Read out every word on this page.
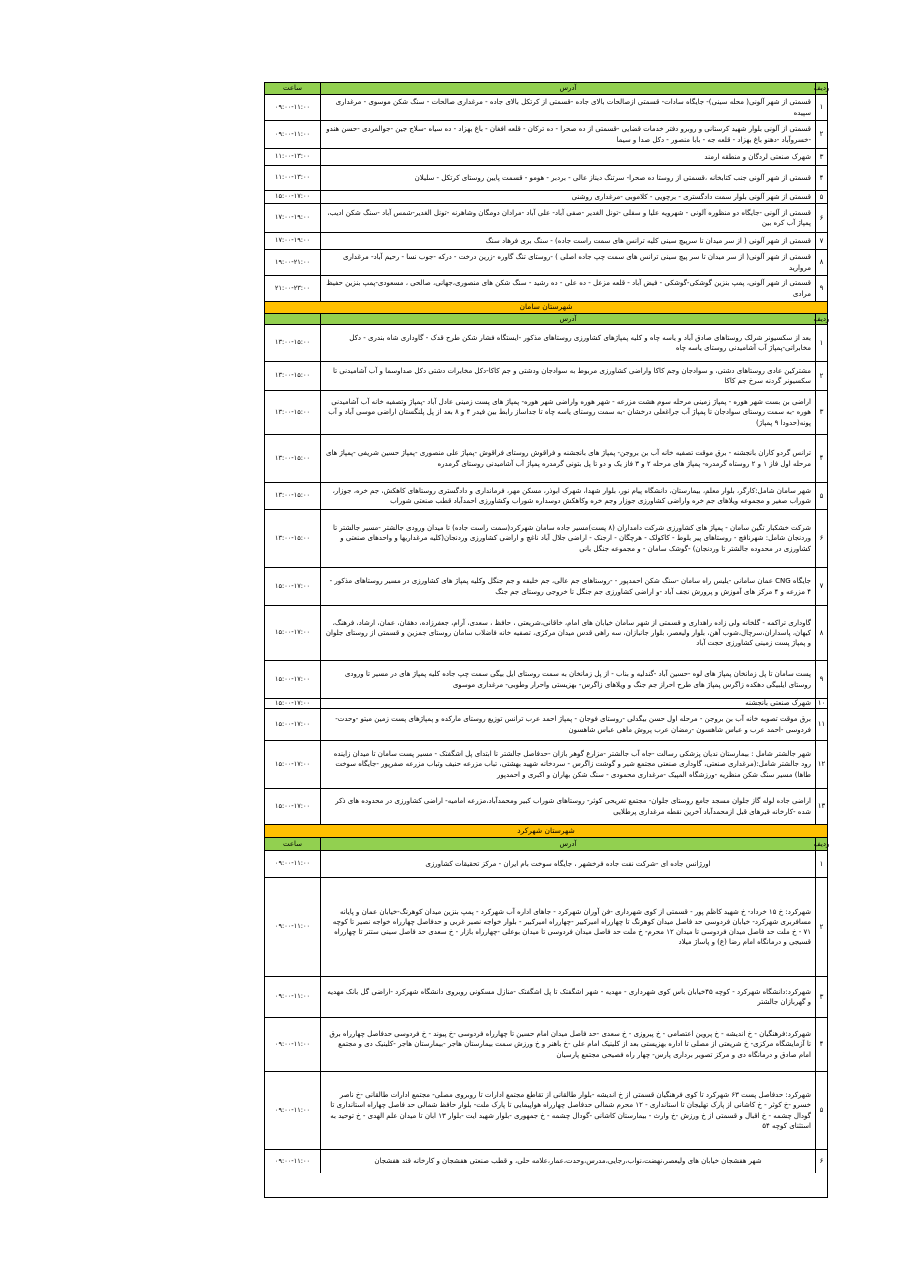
ردیف
آدرس
ساعت
۱
قسمتی از شهر آلونی( محله سینی)- جایگاه سادات- قسمتی ازصالحات بالای جاده -قسمتی از کرتکل بالای جاده - مرغداری صالحات - سنگ شکن موسوی - مرغداری سپیده
۰۹:۰۰-۱۱:۰۰
۲
قسمتی از آلونی بلوار شهید کرستانی و روبرو دفتر خدمات قضایی -قسمتی از ده صحرا - ده ترکان - قلعه افغان - باغ بهزاد - ده سیاه -سلاج جین -جوالمردی -حسن هندو -خسروآباد -دهنو باغ بهزاد - قلعه جه - بابا منصور - دکل صدا و سیما
۰۹:۰۰-۱۱:۰۰
۳
شهرک صنعتی لردگان و منطقه ارمند
۱۱:۰۰-۱۳:۰۰
۴
قسمتی از شهر آلونی جنب کتابخانه ،قسمتی از روستا ده صحرا- سرتنگ دیناز عالی - بردبر - هومو - قسمت پایین روستای کرتکل - سلیلان
۱۱:۰۰-۱۳:۰۰
۵
قسمتی از شهر آلونی بلوار سمت دادگستری - برچویی - کلاموبی -مرغداری روشنی
۱۵:۰۰-۱۷:۰۰
۶
قسمتی از آلونی -جایگاه دو منظوره آلونی - شهرویه علیا و سفلی -تونل الغدیر -صفی آباد- علی آباد -مرادان دومگان وشاهرنه -تونل الغدیر-شمس آباد -سنگ شکن ادیب، پمپاژ آب کره بین
۱۷:۰۰-۱۹:۰۰
۷
قسمتی از شهر آلونی ( از سر میدان تا سرپیچ سینی کلیه ترانس های سمت راست جاده) - سنگ بری فرهاد سنگ
۱۷:۰۰-۱۹:۰۰
۸
قسمتی از شهر آلونی( از سر میدان تا سر پیچ سینی ترانس های سمت چپ جاده اصلی ) -روستای تنگ گاوره -زرین درخت - درکه -جوب نسا - رحیم آباد- مرغداری مروارید
۱۹:۰۰-۲۱:۰۰
۹
قسمتی از شهر آلونی، پمپ بنزین گوشکی-گوشکی - فیض آباد - قلعه مزعل - ده علی - ده رشید - سنگ شکن های منصوری،جهانی، صالحی ، مسعودی-پمپ بنزین حفیظ مرادی
۲۱:۰۰-۲۳:۰۰
شهرستان سامان
ردیف
آدرس
۱
بعد از سکسیونر شرلک روستاهای صادق آباد و یاسه چاه و کلیه پمپاژهای کشاورزی روستاهای مذکور -ایستگاه فشار شکن طرح قدک - گاوداری شاه بندری - دکل مخابراتی-پمپاژ آب آشامیدنی روستای یاسه چاه
۱۳:۰۰-۱۵:۰۰
۲
مشترکین عادی روستاهای دشتی، و سوادجان وجم کاکا واراضی کشاورزی مربوط به سوادجان ودشتی و جم کاکا-دکل مخابرات دشتی دکل صداوسما و آب آشامیدنی تا سکسیونر گردنه سرخ جم کاکا
۱۳:۰۰-۱۵:۰۰
۳
اراضی بن بست شهر هوره - پمپاژ زمینی مرحله سوم هشت مزرعه - شهر هوره واراضی شهر هوره- پمپاژ های پست زمینی عادل آباد -پمپاژ وتصفیه خانه آب آشامیدنی هوره -به سمت روستای سوادجان تا پمپاژ آب جراغعلی درخشان -به سمت روستای یاسه چاه تا جداساز رابط بین فیدر ۴ و ۸ بعد از پل پلنگستان اراضی موسی آباد و آب پونه(حدودا ۹ پمپاژ)
۱۳:۰۰-۱۵:۰۰
۴
ترانس گردو کاران بانجشنه - برق موقت تصفیه خانه آب بن بروجن- پمپاژ های بانجشنه و فراقوش روستای فراقوش -پمپاژ علی منصوری -پمپاژ حسین شریفی -پمپاژ های مرحله اول فاز ۱ و ۲ روستاه گرمدره- پمپاژ های مرحله ۲ و ۳ فاز یک و دو تا پل بتونی گرمدره پمپاژ آب آشامیدنی روستای گرمدره
۱۳:۰۰-۱۵:۰۰
۵
شهر سامان شامل:کارگر، بلوار معلم، بیمارستان، دانشگاه پیام نور، بلوار شهدا، شهرک ابوذر، مسکن مهر، فرمانداری و دادگستری روستاهای کاهکش، جم خره، جوزار، شوراب صغیر و مجموعه ویلاهای جم خره واراضی کشاورزی جوزار وجم خره وکاهکش دوسداره شوراب وکشاورزی احمدآباد قطب صنعتی شوراب
۱۳:۰۰-۱۵:۰۰
۶
شرکت خشکبار تگین سامان - پمپاژ های کشاورزی شرکت دامداران (۸ پست)مسیر جاده سامان شهرکرد(سمت راست جاده) تا میدان ورودی جالشتر -مسیر جالشتر تا وردنجان شامل: شهرنافچ - روستاهای پیر بلوط - کاکولک - هرچگان - ارجنک - اراضی جلال آباد ناغچ و اراضی کشاورزی وردنجان(کلیه مرغداریها و واحدهای صنعتی و کشاورزی در محدوده جالشتر تا وردنجان) -گوشک سامان - و مجموعه جنگل بانی
۱۳:۰۰-۱۵:۰۰
۷
جایگاه CNG عمان سامانی -یلیس راه سامان -سنگ شکن احمدپور - -روستاهای جم عالی، جم خلیفه و جم جنگل وکلیه پمپاژ های کشاورزی در مسیر روستاهای مذکور - ۴ مزرعه و ۴ مرکز های آموزش و پرورش نجف آباد -و اراضی کشاورزی جم جنگل تا خروجی روستای جم جنگ
۱۵:۰۰-۱۷:۰۰
۸
گاوداری تراکمه - گلخانه ولی زاده راهداری و قسمتی از شهر سامان خیابان های امام، خاقانی،شریعتی ، حافظ ، سعدی، آرام، جعفرزاده، دهقان، عمان، ارشاد، فرهنگ، کیهان، پاسداران،سرچال،شوب آهن، بلوار ولیعصر، بلوار جانبازان، سه راهی قدس میدان مرکزی، تصفیه خانه فاضلاب سامان روستای جمزین و قسمتی از روستای جلوان و پمپاژ پست زمینی کشاورزی حجت آباد
۱۵:۰۰-۱۷:۰۰
۹
پست سامان تا پل زمانخان پمپاژ های لوه -حسین آباد -گندلیه و بناب - از پل زمانخان به سمت روستای ایل بیگی سمت چپ جاده کلیه پمپاژ های در مسیر تا ورودی روستای ایلبیگی دهکده زاگرس پمپاژ های طرح احراز جم جنگ و ویلاهای زاگرس- بهزیستی واحرار وطوبی- مرغداری موسوی
۱۵:۰۰-۱۷:۰۰
۱۰
شهرک صنعتی بانجشنه
۱۵:۰۰-۱۷:۰۰
۱۱
برق موقت تصوبه خانه آب بن بروجن - مرحله اول حسن بیگدلی -روستای فوجان - پمپاژ احمد عرب ترانس توزیع روستای مارکده و پمپاژهای پست زمین میتو -وحدت- فردوسی -احمد عرب و عباس شاهسون -رمضان عرب پروش ماهی عباس شاهسون
۱۵:۰۰-۱۷:۰۰
۱۲
شهر جالشتر شامل : بیمارستان ندیان پزشکی رسالت -جاه آب جالشتر -مزارع گوهر بازان -حدفاصل جالشتر تا ابتدای پل اشگفتک - مسیر پست سامان تا میدان زاینده رود جالشتر شامل:(مرغداری صنعتی، گاوداری صنعتی مجتمع شیر و گوشت زاگرس - سردخانه شهید بهشتی، تباب مزرعه حنیف وتباب مزرعه صفرپور -جایگاه سوخت طاها) مسیر سنگ شکن منظریه -ورزشگاه المپیک -مرغداری محمودی - سنگ شکن بهاران و اکبری و احمدپور
۱۵:۰۰-۱۷:۰۰
۱۳
اراضی جاده لوله گاز جلوان مسجد جامع روستای جلوان- مجتمع تفریحی کوثر- روستاهای شوراب کبیر ومحمدآباد،مزرعه امامیه- اراضی کشاورزی در محدوده های ذکر شده -کارخانه قیرهای قبل ازمحمدآباد آخرین نقطه مرغداری پرطلایی
۱۵:۰۰-۱۷:۰۰
شهرستان شهرکرد
ردیف
آدرس
ساعت
۱
اورژانس جاده ای -شرکت نفت جاده فرخشهر ، جایگاه سوخت بام ایران - مرکز تحقیقات کشاورزی
۰۹:۰۰-۱۱:۰۰
۲
شهرکرد: خ ۱۵ خرداد- خ شهید کاظم پور - قسمتی از کوی شهرداری -فن آوران شهرکرد - جاهای اداره آب شهرکرد - پمپ بنزین میدان کوهرنگ-خیابان عمان و پایانه مسافربری شهرکرد- خیابان فردوسی حد فاصل میدان کوهرنگ تا چهارراه امیرکبیر -چهارراه امیرکبیر - بلوار خواجه نصیر غربی و حدفاصل چهارراه خواجه نصیر تا کوچه ۷۱ - خ ملت حد فاصل میدان فردوسی تا میدان ۱۲ محرم- خ ملت حد فاصل میدان فردوسی تا میدان بوعلی -چهارراه بازار - خ سعدی حد فاصل سینی ستتر تا چهارراه قسیجی و درمانگاه امام رضا (ع) و پاساژ میلاد
۰۹:۰۰-۱۱:۰۰
۳
شهرکرد:دانشگاه شهرکرد - کوچه ۴۵خیابان باس کوی شهرداری - مهدیه - شهر اشگفتک تا پل اشگفتک -منازل مسکونی روبروی دانشگاه شهرکرد -اراضی گل بانک مهدیه و گهربازان جالشتر
۰۹:۰۰-۱۱:۰۰
۴
شهرکرد:فرهنگیان - خ اندیشه - خ پروین اعتصامی - خ پیروزی - خ سعدی -حد فاصل میدان امام حسین تا چهارراه فردوسی -خ پیوند - خ فردوسی حدفاصل چهارراه برق تا آزمایشگاه مرکزی- خ شریعتی از مصلی تا اداره بهزیستی بعد از کلینیک امام علی -خ باهنر و خ ورزش سمت بیمارستان هاجر -بیمارستان هاجر -کلینیک دی و مجتمع امام صادق و درمانگاه دی و مرکز تصویر برداری پارس- چهار راه فصیحی مجتمع پارسیان
۰۹:۰۰-۱۱:۰۰
۵
شهرکرد: حدفاصل پست ۶۳ شهرکرد تا کوی فرهنگیان قسمتی از خ اندیشه -بلوار طالقانی از تقاطع مجتمع ادارات تا روبروی مصلی- مجتمع ادارات طالقانی -خ ناصر خسرو -خ کوثر - خ کاشانی از پارک تهلیجان تا استانداری - ۱۲ محرم شمالی حدفاصل چهارراه هواپیمایی تا پارک ملت- بلوار حافظ شمالی حد فاصل چهاراه استانداری تا گودال چشمه - خ اقبال و قسمتی از خ ورزش -خ وارث - بیمارستان کاشانی -گودال چشمه - خ جمهوری -بلوار شهید ایت -بلوار ۱۳ ابان تا میدان علم الهدی - خ توحید به استثنای کوچه ۵۴
۰۹:۰۰-۱۱:۰۰
۶
شهر هفشجان خیابان های ولیعصر،نهضت،نواب،رجایی،مدرس،وحدت،عمار،علامه حلی، و قطب صنعتی هفشجان و کارخانه قند هفشجان
۰۹:۰۰-۱۱:۰۰
